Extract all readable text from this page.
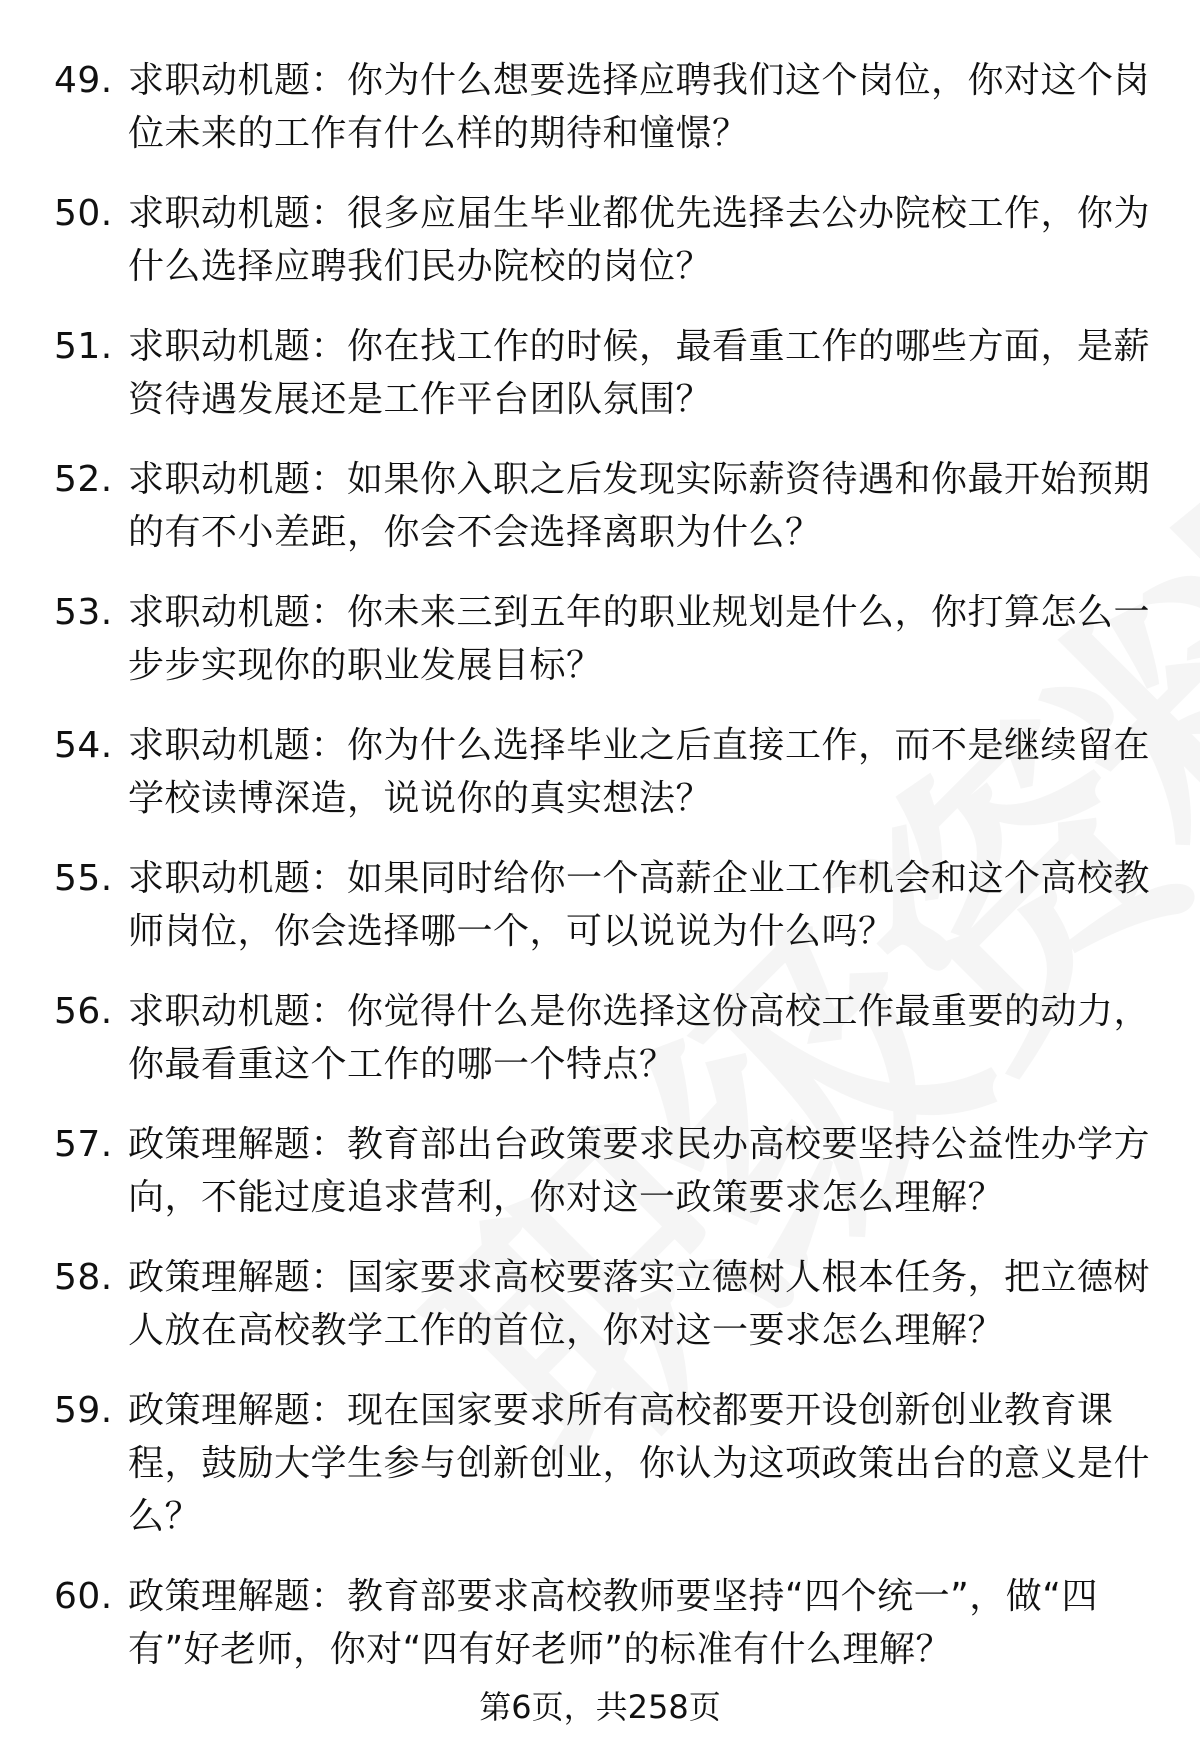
49. 求职动机题：你为什么想要选择应聘我们这个岗位，你对这个岗位未来的工作有什么样的期待和憧憬？
50. 求职动机题：很多应届生毕业都优先选择去公办院校工作，你为什么选择应聘我们民办院校的岗位？
51. 求职动机题：你在找工作的时候，最看重工作的哪些方面，是薪资待遇发展还是工作平台团队氛围？
52. 求职动机题：如果你入职之后发现实际薪资待遇和你最开始预期的有不小差距，你会不会选择离职为什么？
53. 求职动机题：你未来三到五年的职业规划是什么，你打算怎么一步步实现你的职业发展目标？
54. 求职动机题：你为什么选择毕业之后直接工作，而不是继续留在学校读博深造，说说你的真实想法？
55. 求职动机题：如果同时给你一个高薪企业工作机会和这个高校教师岗位，你会选择哪一个，可以说说为什么吗？
56. 求职动机题：你觉得什么是你选择这份高校工作最重要的动力，你最看重这个工作的哪一个特点？
57. 政策理解题：教育部出台政策要求民办高校要坚持公益性办学方向，不能过度追求营利，你对这一政策要求怎么理解？
58. 政策理解题：国家要求高校要落实立德树人根本任务，把立德树人放在高校教学工作的首位，你对这一要求怎么理解？
59. 政策理解题：现在国家要求所有高校都要开设创新创业教育课程，鼓励大学生参与创新创业，你认为这项政策出台的意义是什么？
60. 政策理解题：教育部要求高校教师要坚持“四个统一”，做“四有”好老师，你对“四有好老师”的标准有什么理解？
第6页，共258页
